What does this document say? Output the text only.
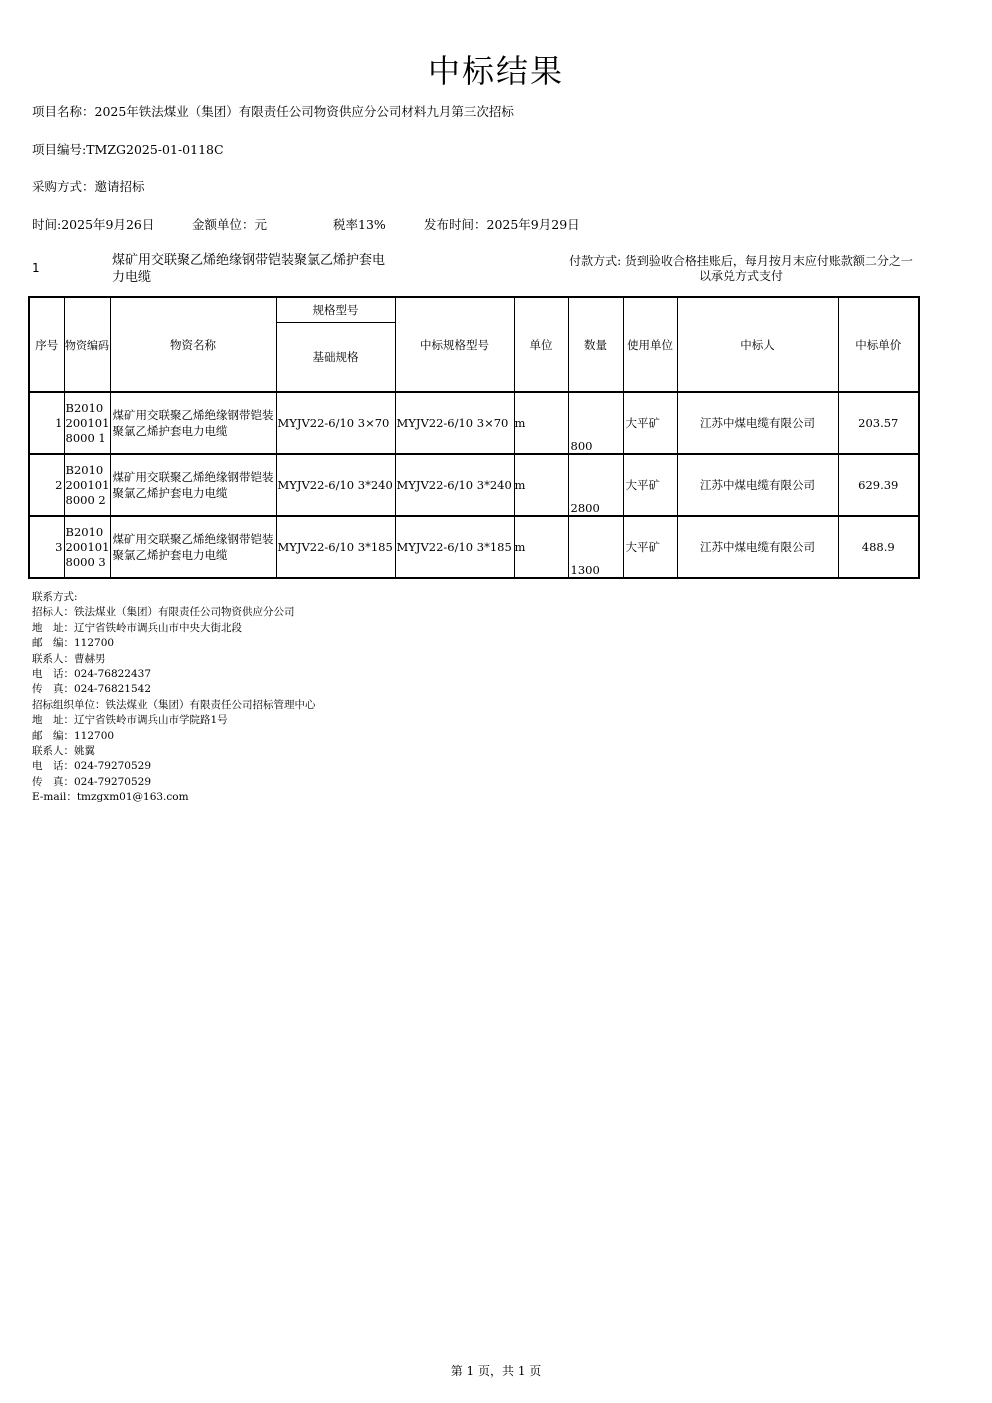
中标结果
项目名称：2025年铁法煤业（集团）有限责任公司物资供应分公司材料九月第三次招标
项目编号:TMZG2025-01-0118C
采购方式：邀请招标
时间:2025年9月26日	金额单位：元	税率13%	发布时间：2025年9月29日
1	煤矿用交联聚乙烯绝缘钢带铠装聚氯乙烯护套电力电缆
付款方式: 货到验收合格挂账后，每月按月末应付账款额二分之一以承兑方式支付
序号	物资编码	物资名称	规格型号	中标规格型号	单位	数量	使用单位	中标人	中标单价
			基础规格						
1	B20102001018000 1	煤矿用交联聚乙烯绝缘钢带铠装聚氯乙烯护套电力电缆	MYJV22-6/10 3×70	MYJV22-6/10 3×70	m	800	大平矿	江苏中煤电缆有限公司	203.57
2	B20102001018000 2	煤矿用交联聚乙烯绝缘钢带铠装聚氯乙烯护套电力电缆	MYJV22-6/10 3*240	MYJV22-6/10 3*240	m	2800	大平矿	江苏中煤电缆有限公司	629.39
3	B20102001018000 3	煤矿用交联聚乙烯绝缘钢带铠装聚氯乙烯护套电力电缆	MYJV22-6/10 3*185	MYJV22-6/10 3*185	m	1300	大平矿	江苏中煤电缆有限公司	488.9
联系方式:
招标人：铁法煤业（集团）有限责任公司物资供应分公司
地　址：辽宁省铁岭市调兵山市中央大街北段
邮　编：112700
联系人：曹赫男
电　话：024-76822437
传　真：024-76821542
招标组织单位：铁法煤业（集团）有限责任公司招标管理中心
地　址：辽宁省铁岭市调兵山市学院路1号
邮　编：112700
联系人：姚翼
电　话：024-79270529
传　真：024-79270529
E-mail：tmzgxm01@163.com
第 1 页，共 1 页
